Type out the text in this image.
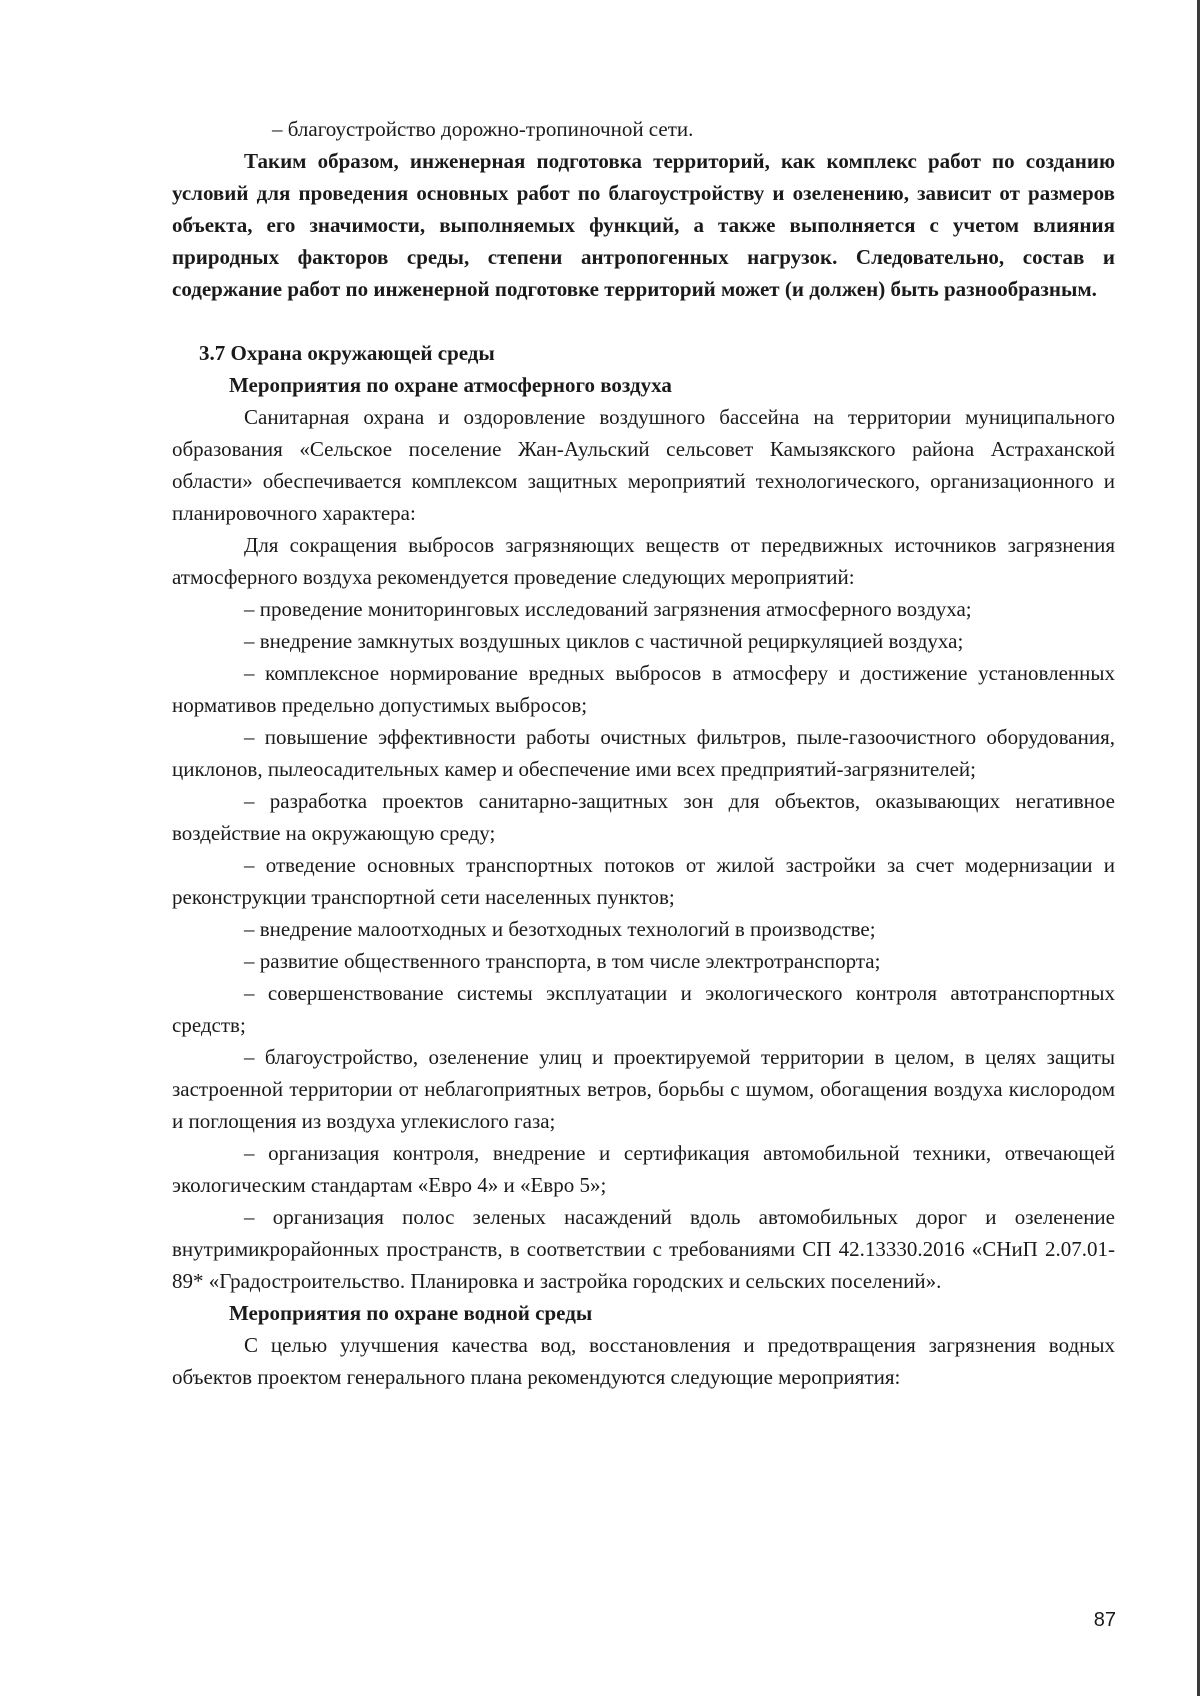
– благоустройство дорожно-тропиночной сети.

Таким образом, инженерная подготовка территорий, как комплекс работ по созданию условий для проведения основных работ по благоустройству и озеленению, зависит от размеров объекта, его значимости, выполняемых функций, а также выполняется с учетом влияния природных факторов среды, степени антропогенных нагрузок. Следовательно, состав и содержание работ по инженерной подготовке территорий может (и должен) быть разнообразным.

3.7 Охрана окружающей среды

Мероприятия по охране атмосферного воздуха

Санитарная охрана и оздоровление воздушного бассейна на территории муниципального образования «Сельское поселение Жан-Аульский сельсовет Камызякского района Астраханской области» обеспечивается комплексом защитных мероприятий технологического, организационного и планировочного характера:

Для сокращения выбросов загрязняющих веществ от передвижных источников загрязнения атмосферного воздуха рекомендуется проведение следующих мероприятий:

– проведение мониторинговых исследований загрязнения атмосферного воздуха;

– внедрение замкнутых воздушных циклов с частичной рециркуляцией воздуха;

– комплексное нормирование вредных выбросов в атмосферу и достижение установленных нормативов предельно допустимых выбросов;

– повышение эффективности работы очистных фильтров, пыле-газоочистного оборудования, циклонов, пылеосадительных камер и обеспечение ими всех предприятий-загрязнителей;

– разработка проектов санитарно-защитных зон для объектов, оказывающих негативное воздействие на окружающую среду;

– отведение основных транспортных потоков от жилой застройки за счет модернизации и реконструкции транспортной сети населенных пунктов;

– внедрение малоотходных и безотходных технологий в производстве;

– развитие общественного транспорта, в том числе электротранспорта;

– совершенствование системы эксплуатации и экологического контроля автотранспортных средств;

– благоустройство, озеленение улиц и проектируемой территории в целом, в целях защиты застроенной территории от неблагоприятных ветров, борьбы с шумом, обогащения воздуха кислородом и поглощения из воздуха углекислого газа;

– организация контроля, внедрение и сертификация автомобильной техники, отвечающей экологическим стандартам «Евро 4» и «Евро 5»;

– организация полос зеленых насаждений вдоль автомобильных дорог и озеленение внутримикрорайонных пространств, в соответствии с требованиями СП 42.13330.2016 «СНиП 2.07.01-89* «Градостроительство. Планировка и застройка городских и сельских поселений».

Мероприятия по охране водной среды

С целью улучшения качества вод, восстановления и предотвращения загрязнения водных объектов проектом генерального плана рекомендуются следующие мероприятия:

87
